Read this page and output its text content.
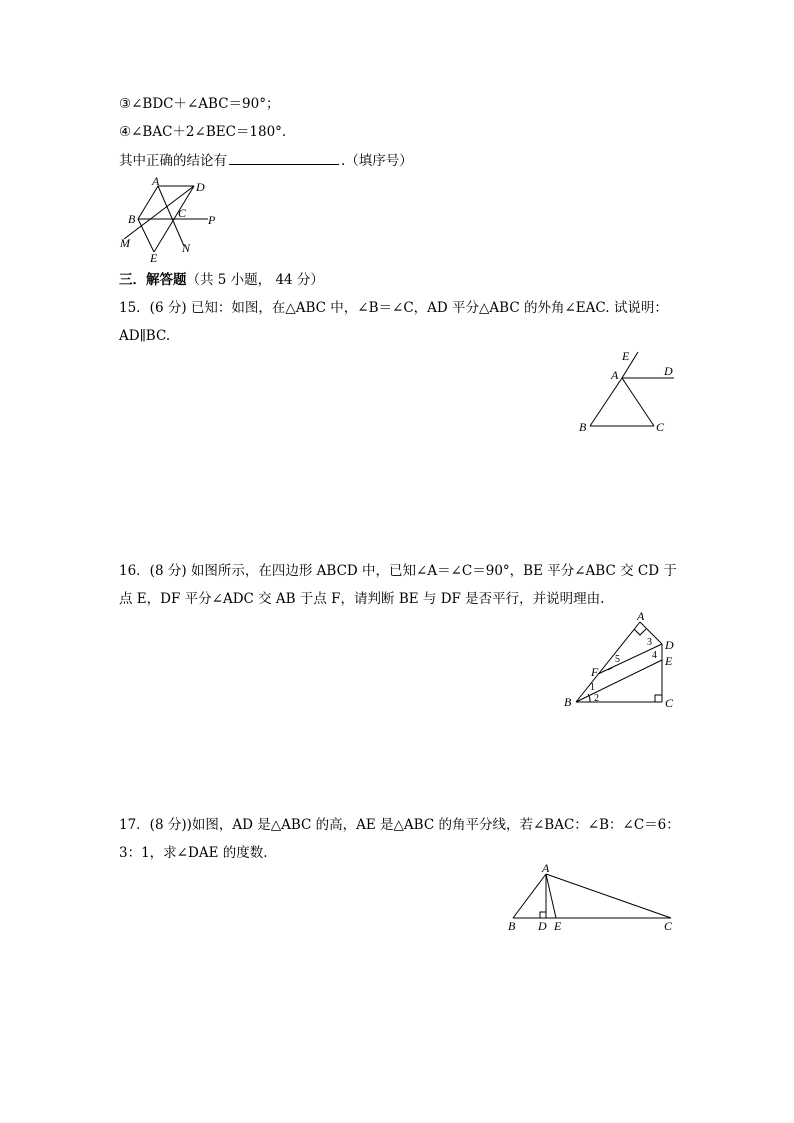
③∠BDC＋∠ABC＝90°；
④∠BAC＋2∠BEC＝180°.
其中正确的结论有	.（填序号）
A	D
B	C P
M
E
N
三．解答题（共 5 小题， 44 分）
15．(6 分) 已知：如图，在△ABC 中，∠B＝∠C，AD 平分△ABC 的外角∠EAC. 试说明：
AD∥BC.
E
A	D
B	C
16．(8 分) 如图所示，在四边形 ABCD 中，已知∠A＝∠C＝90°，BE 平分∠ABC 交 CD 于
点 E，DF 平分∠ADC 交 AB 于点 F，请判断 BE 与 DF 是否平行，并说明理由.
A
D
E
F
B	C
1
2
3
4
5
17．(8 分))如图，AD 是△ABC 的高，AE 是△ABC 的角平分线，若∠BAC：∠B：∠C＝6：
3：1，求∠DAE 的度数.
A
B D E	C
